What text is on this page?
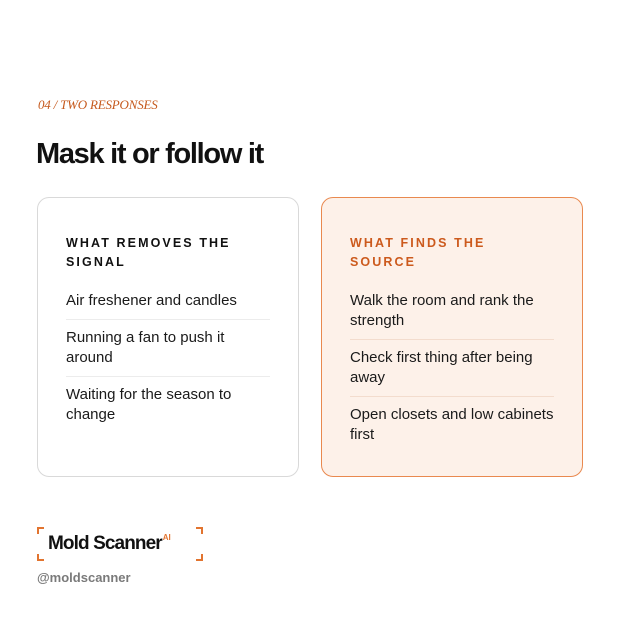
04 / TWO RESPONSES
Mask it or follow it
WHAT REMOVES THE SIGNAL
Air freshener and candles
Running a fan to push it around
Waiting for the season to change
WHAT FINDS THE SOURCE
Walk the room and rank the strength
Check first thing after being away
Open closets and low cabinets first
Mold Scanner$^{AI}$
@moldscanner
